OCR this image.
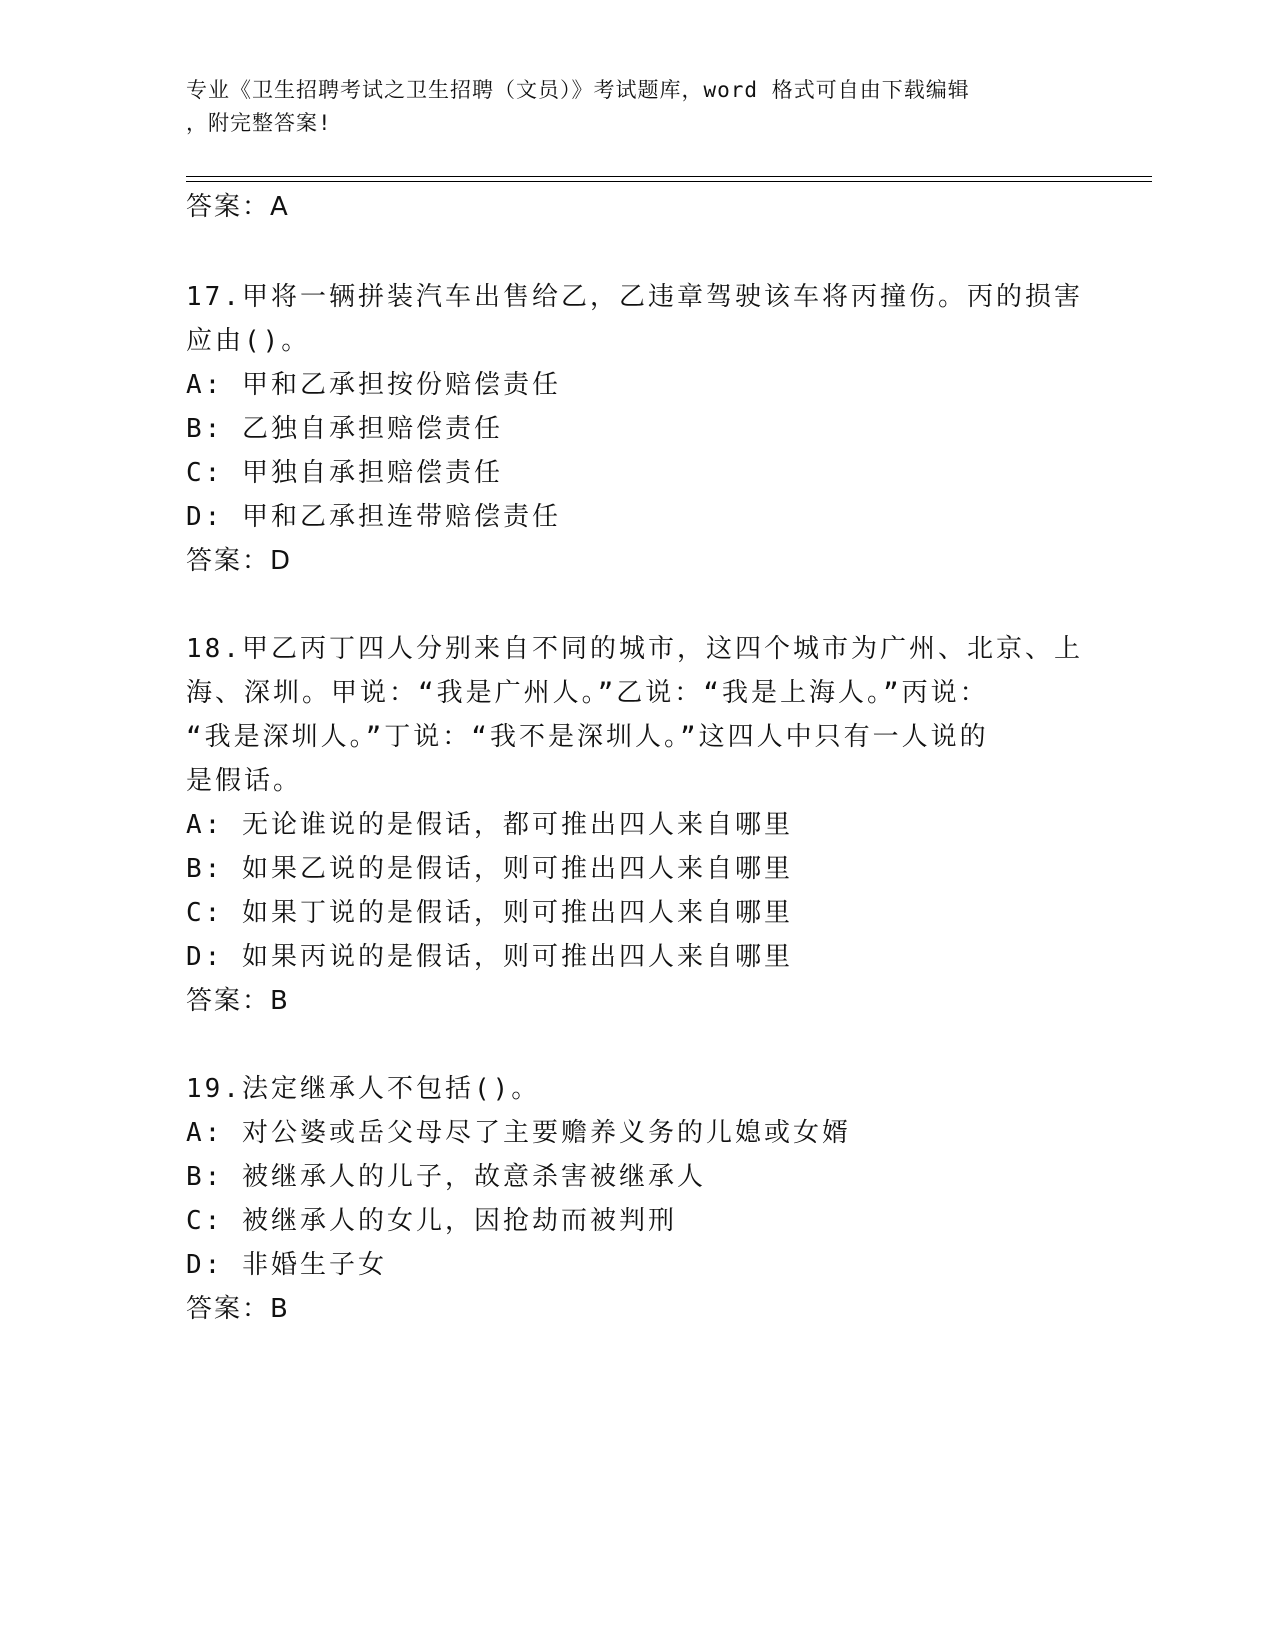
专业《卫生招聘考试之卫生招聘（文员）》考试题库，word 格式可自由下载编辑
，附完整答案!
答案：A
17.甲将一辆拼装汽车出售给乙，乙违章驾驶该车将丙撞伤。丙的损害
应由()。
A: 甲和乙承担按份赔偿责任
B: 乙独自承担赔偿责任
C: 甲独自承担赔偿责任
D: 甲和乙承担连带赔偿责任
答案：D
18.甲乙丙丁四人分别来自不同的城市，这四个城市为广州、北京、上
海、深圳。甲说：“我是广州人。”乙说：“我是上海人。”丙说：
“我是深圳人。”丁说：“我不是深圳人。”这四人中只有一人说的
是假话。
A: 无论谁说的是假话，都可推出四人来自哪里
B: 如果乙说的是假话，则可推出四人来自哪里
C: 如果丁说的是假话，则可推出四人来自哪里
D: 如果丙说的是假话，则可推出四人来自哪里
答案：B
19.法定继承人不包括()。
A: 对公婆或岳父母尽了主要赡养义务的儿媳或女婿
B: 被继承人的儿子，故意杀害被继承人
C: 被继承人的女儿，因抢劫而被判刑
D: 非婚生子女
答案：B
